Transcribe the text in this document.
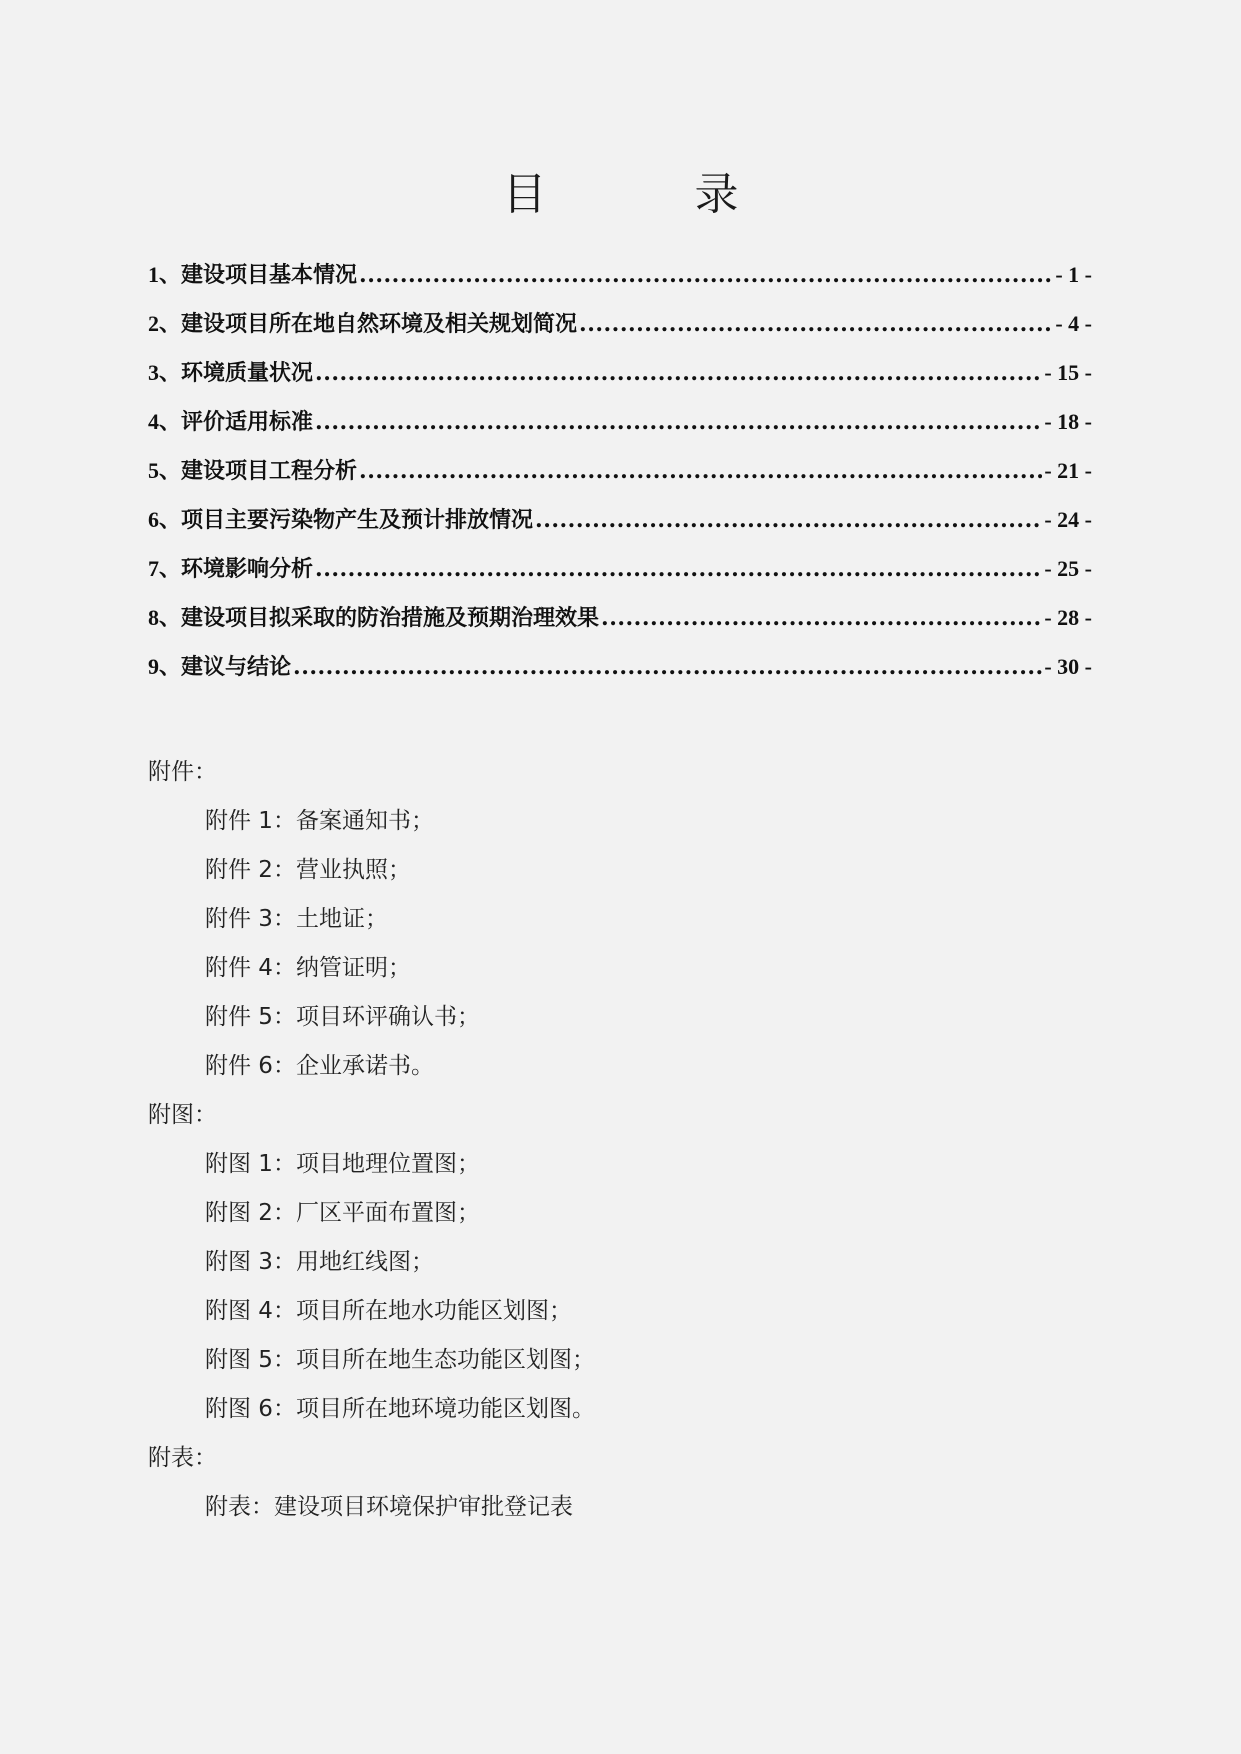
目　录
1、 建设项目基本情况 .....	- 1 -
2、 建设项目所在地自然环境及相关规划简况 .....	- 4 -
3、 环境质量状况 .....	- 15 -
4、 评价适用标准 .....	- 18 -
5、 建设项目工程分析 .....	- 21 -
6、 项目主要污染物产生及预计排放情况 .....	- 24 -
7、 环境影响分析 .....	- 25 -
8、 建设项目拟采取的防治措施及预期治理效果 .....	- 28 -
9、 建议与结论 .....	- 30 -
附件：
附件 1：备案通知书；
附件 2：营业执照；
附件 3：土地证；
附件 4：纳管证明；
附件 5：项目环评确认书；
附件 6：企业承诺书。
附图：
附图 1：项目地理位置图；
附图 2：厂区平面布置图；
附图 3：用地红线图；
附图 4：项目所在地水功能区划图；
附图 5：项目所在地生态功能区划图；
附图 6：项目所在地环境功能区划图。
附表：
附表：建设项目环境保护审批登记表
